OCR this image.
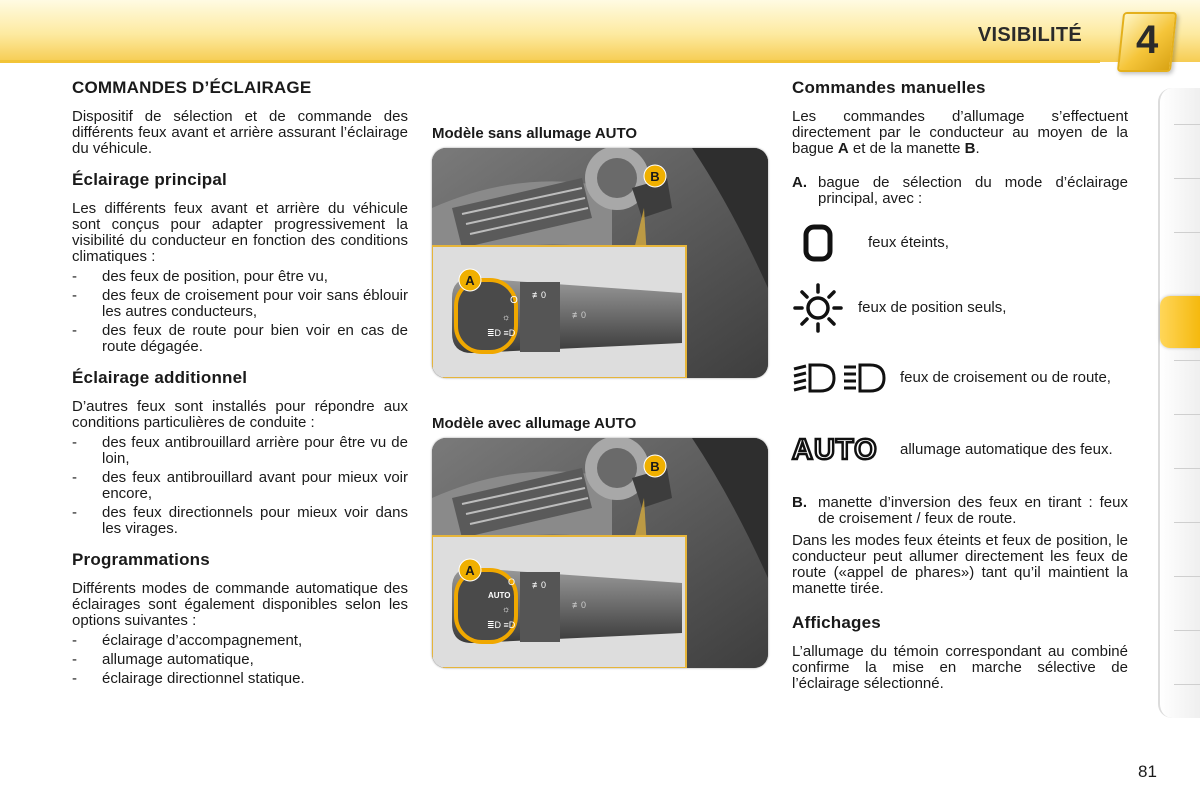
VISIBILITÉ	4
COMMANDES D’ÉCLAIRAGE

Dispositif de sélection et de commande des différents feux avant et arrière assurant l’éclairage du véhicule.

Éclairage principal

Les différents feux avant et arrière du véhicule sont conçus pour adapter progressivement la visibilité du conducteur en fonction des conditions climatiques :

- des feux de position, pour être vu,
- des feux de croisement pour voir sans éblouir les autres conducteurs,
- des feux de route pour bien voir en cas de route dégagée.
Éclairage additionnel

D’autres feux sont installés pour répondre aux conditions particulières de conduite :

- des feux antibrouillard arrière pour être vu de loin,
- des feux antibrouillard avant pour mieux voir encore,
- des feux directionnels pour mieux voir dans les virages.
Programmations

Différents modes de commande automatique des éclairages sont également disponibles selon les options suivantes :

- éclairage d’accompagnement,
- allumage automatique,
- éclairage directionnel statique.
Modèle sans allumage AUTO
B
O
☼
≣D ≡D
≢0
≢0
A
Modèle avec allumage AUTO
B
O
AUTO
☼
≣D ≡D
≢0
≢0
A
Commandes manuelles

Les commandes d’allumage s’effectuent directement par le conducteur au moyen de la bague A et de la manette B.

A. bague de sélection du mode d’éclairage principal, avec :
feux éteints,
feux de position seuls,
feux de croisement ou de route,
AUTO allumage automatique des feux.
B. manette d’inversion des feux en tirant : feux de croisement / feux de route.

Dans les modes feux éteints et feux de position, le conducteur peut allumer directement les feux de route («appel de phares») tant qu’il maintient la manette tirée.

Affichages

L’allumage du témoin correspondant au combiné confirme la mise en marche sélective de l’éclairage sélectionné.

81
